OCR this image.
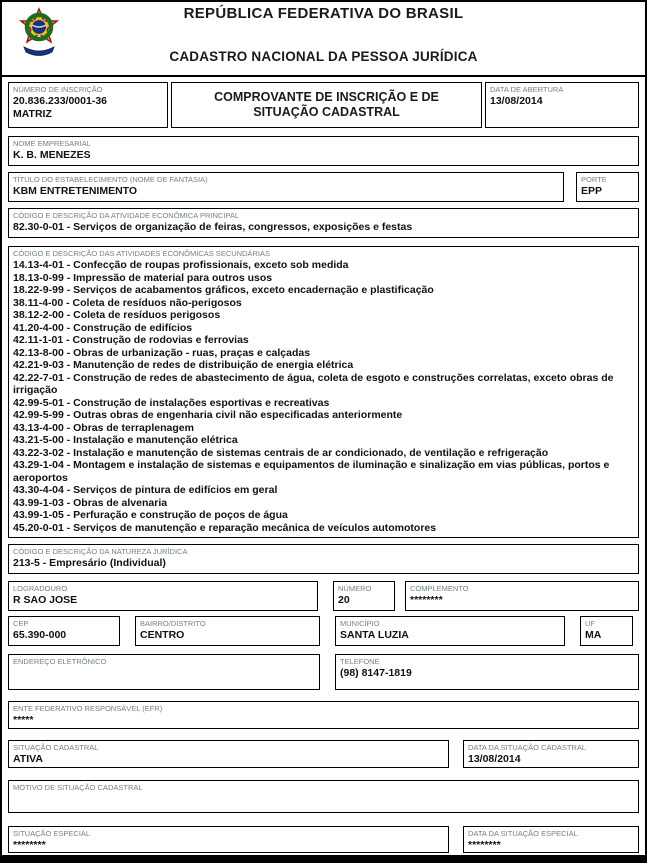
REPÚBLICA FEDERATIVA DO BRASIL
CADASTRO NACIONAL DA PESSOA JURÍDICA
NÚMERO DE INSCRIÇÃO
20.836.233/0001-36
MATRIZ
COMPROVANTE DE INSCRIÇÃO E DE SITUAÇÃO CADASTRAL
DATA DE ABERTURA
13/08/2014
NOME EMPRESARIAL
K. B. MENEZES
TÍTULO DO ESTABELECIMENTO (NOME DE FANTASIA)
KBM ENTRETENIMENTO
PORTE
EPP
CÓDIGO E DESCRIÇÃO DA ATIVIDADE ECONÔMICA PRINCIPAL
82.30-0-01 - Serviços de organização de feiras, congressos, exposições e festas
CÓDIGO E DESCRIÇÃO DAS ATIVIDADES ECONÔMICAS SECUNDÁRIAS
14.13-4-01 - Confecção de roupas profissionais, exceto sob medida
18.13-0-99 - Impressão de material para outros usos
18.22-9-99 - Serviços de acabamentos gráficos, exceto encadernação e plastificação
38.11-4-00 - Coleta de resíduos não-perigosos
38.12-2-00 - Coleta de resíduos perigosos
41.20-4-00 - Construção de edifícios
42.11-1-01 - Construção de rodovias e ferrovias
42.13-8-00 - Obras de urbanização - ruas, praças e calçadas
42.21-9-03 - Manutenção de redes de distribuição de energia elétrica
42.22-7-01 - Construção de redes de abastecimento de água, coleta de esgoto e construções correlatas, exceto obras de irrigação
42.99-5-01 - Construção de instalações esportivas e recreativas
42.99-5-99 - Outras obras de engenharia civil não especificadas anteriormente
43.13-4-00 - Obras de terraplenagem
43.21-5-00 - Instalação e manutenção elétrica
43.22-3-02 - Instalação e manutenção de sistemas centrais de ar condicionado, de ventilação e refrigeração
43.29-1-04 - Montagem e instalação de sistemas e equipamentos de iluminação e sinalização em vias públicas, portos e aeroportos
43.30-4-04 - Serviços de pintura de edifícios em geral
43.99-1-03 - Obras de alvenaria
43.99-1-05 - Perfuração e construção de poços de água
45.20-0-01 - Serviços de manutenção e reparação mecânica de veículos automotores
CÓDIGO E DESCRIÇÃO DA NATUREZA JURÍDICA
213-5 - Empresário (Individual)
LOGRADOURO
R SAO JOSE
NÚMERO
20
COMPLEMENTO
********
CEP
65.390-000
BAIRRO/DISTRITO
CENTRO
MUNICÍPIO
SANTA LUZIA
UF
MA
ENDEREÇO ELETRÔNICO	TELEFONE
(98) 8147-1819
ENTE FEDERATIVO RESPONSÁVEL (EFR)
*****
SITUAÇÃO CADASTRAL
ATIVA
DATA DA SITUAÇÃO CADASTRAL
13/08/2014
MOTIVO DE SITUAÇÃO CADASTRAL
SITUAÇÃO ESPECIAL
********
DATA DA SITUAÇÃO ESPECIAL
********
